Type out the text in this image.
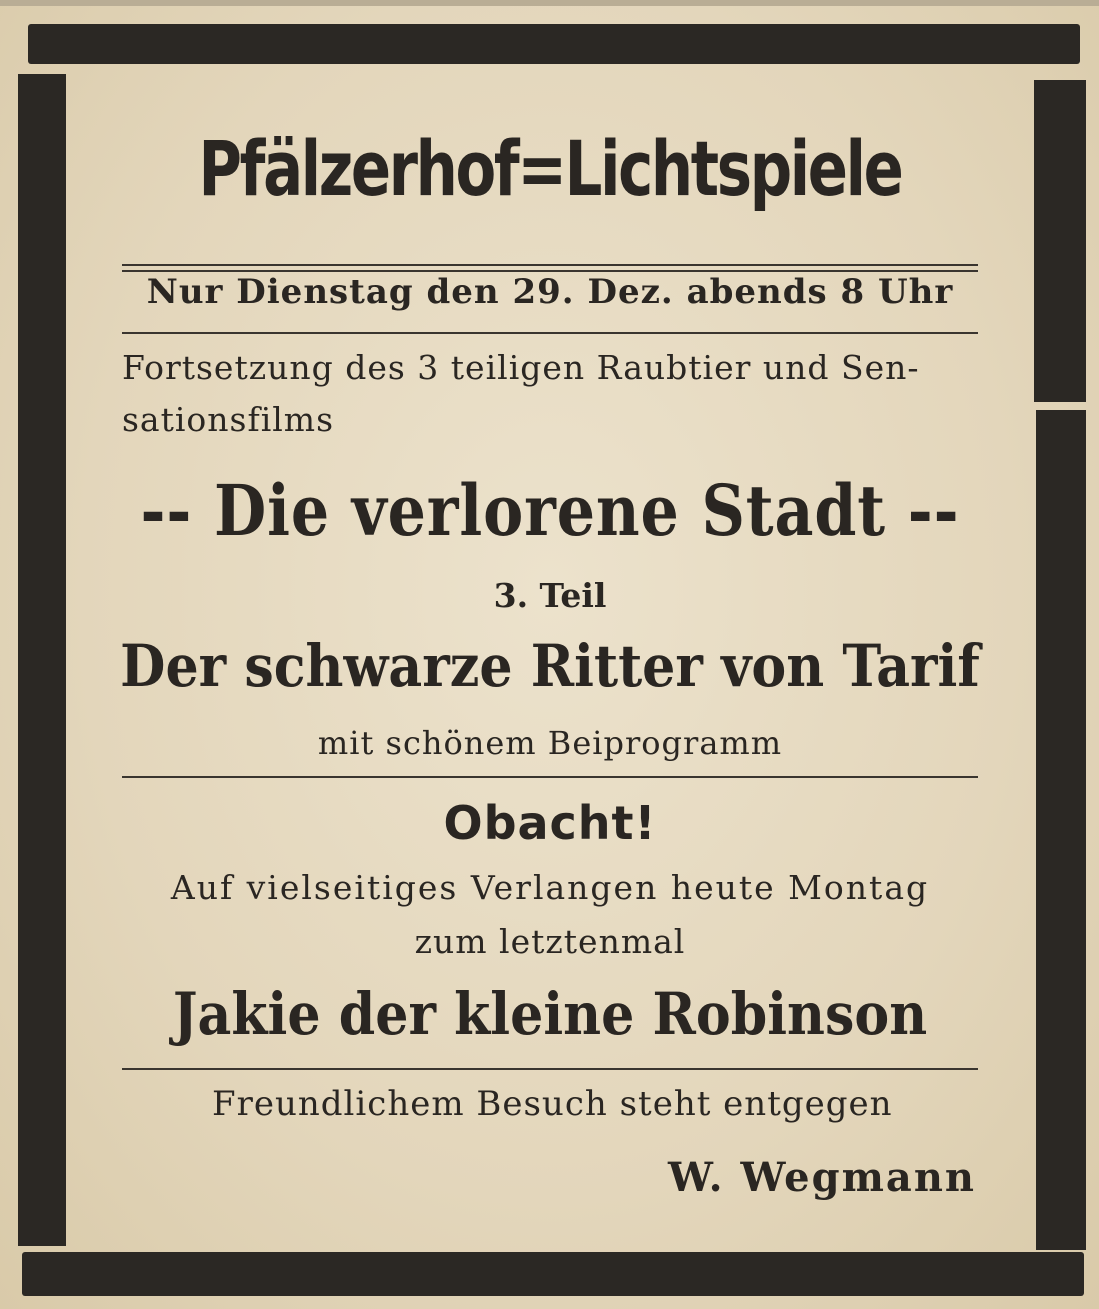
Pfälzerhof=Lichtspiele
Nur Dienstag den 29. Dez. abends 8 Uhr
Fortsetzung des 3 teiligen Raubtier und Sen-
sationsfilms
-- Die verlorene Stadt --
3. Teil
Der schwarze Ritter von Tarif
mit schönem Beiprogramm
Obacht!
Auf vielseitiges Verlangen heute Montag
zum letztenmal
Jakie der kleine Robinson
Freundlichem Besuch steht entgegen
W. Wegmann
